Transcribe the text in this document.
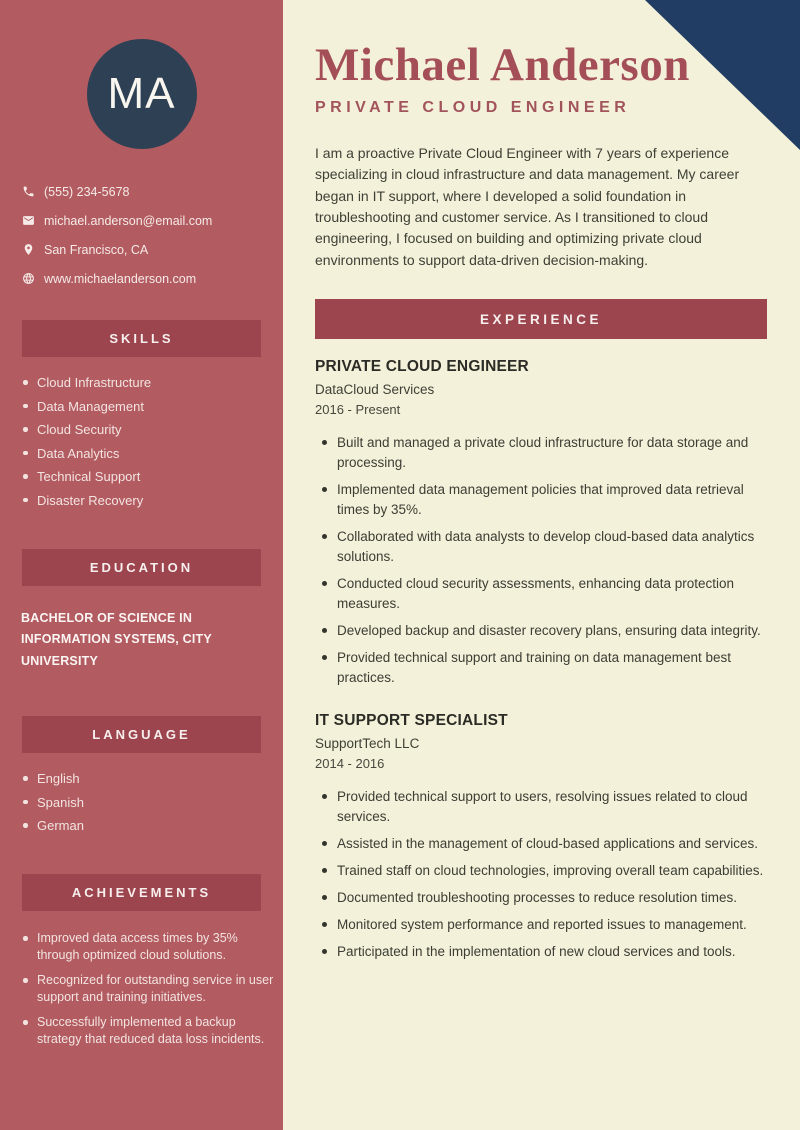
MA
(555) 234-5678
michael.anderson@email.com
San Francisco, CA
www.michaelanderson.com
SKILLS
Cloud Infrastructure
Data Management
Cloud Security
Data Analytics
Technical Support
Disaster Recovery
EDUCATION

BACHELOR OF SCIENCE IN INFORMATION SYSTEMS, CITY UNIVERSITY

LANGUAGE
English
Spanish
German
ACHIEVEMENTS
Improved data access times by 35% through optimized cloud solutions.
Recognized for outstanding service in user support and training initiatives.
Successfully implemented a backup strategy that reduced data loss incidents.
Michael Anderson
PRIVATE CLOUD ENGINEER

I am a proactive Private Cloud Engineer with 7 years of experience specializing in cloud infrastructure and data management. My career began in IT support, where I developed a solid foundation in troubleshooting and customer service. As I transitioned to cloud engineering, I focused on building and optimizing private cloud environments to support data-driven decision-making.

EXPERIENCE
PRIVATE CLOUD ENGINEER
DataCloud Services
2016 - Present
Built and managed a private cloud infrastructure for data storage and processing.
Implemented data management policies that improved data retrieval times by 35%.
Collaborated with data analysts to develop cloud-based data analytics solutions.
Conducted cloud security assessments, enhancing data protection measures.
Developed backup and disaster recovery plans, ensuring data integrity.
Provided technical support and training on data management best practices.
IT SUPPORT SPECIALIST
SupportTech LLC
2014 - 2016
Provided technical support to users, resolving issues related to cloud services.
Assisted in the management of cloud-based applications and services.
Trained staff on cloud technologies, improving overall team capabilities.
Documented troubleshooting processes to reduce resolution times.
Monitored system performance and reported issues to management.
Participated in the implementation of new cloud services and tools.
